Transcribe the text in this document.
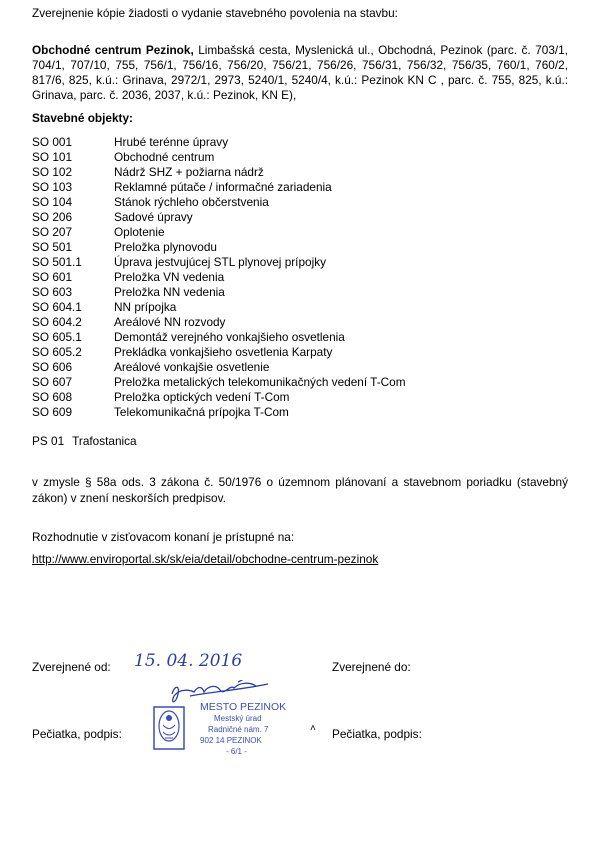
Zverejnenie kópie žiadosti o vydanie stavebného povolenia na stavbu:
Obchodné centrum Pezinok, Limbašská cesta, Myslenická ul., Obchodná, Pezinok (parc. č. 703/1, 704/1, 707/10, 755, 756/1, 756/16, 756/20, 756/21, 756/26, 756/31, 756/32, 756/35, 760/1, 760/2, 817/6, 825, k.ú.: Grinava, 2972/1, 2973, 5240/1, 5240/4, k.ú.: Pezinok KN C , parc. č. 755, 825, k.ú.: Grinava, parc. č. 2036, 2037, k.ú.: Pezinok, KN E),
Stavebné objekty:
SO 001	Hrubé terénne úpravy
SO 101	Obchodné centrum
SO 102	Nádrž SHZ + požiarna nádrž
SO 103	Reklamné pútače / informačné zariadenia
SO 104	Stánok rýchleho občerstvenia
SO 206	Sadové úpravy
SO 207	Oplotenie
SO 501	Preložka plynovodu
SO 501.1	Úprava jestvujúcej STL plynovej prípojky
SO 601	Preložka VN vedenia
SO 603	Preložka NN vedenia
SO 604.1	NN prípojka
SO 604.2	Areálové NN rozvody
SO 605.1	Demontáž verejného vonkajšieho osvetlenia
SO 605.2	Prekládka vonkajšieho osvetlenia Karpaty
SO 606	Areálové vonkajšie osvetlenie
SO 607	Preložka metalických telekomunikačných vedení T-Com
SO 608	Preložka optických vedení T-Com
SO 609	Telekomunikačná prípojka T-Com
PS 01 Trafostanica
v zmysle § 58a ods. 3 zákona č. 50/1976 o územnom plánovaní a stavebnom poriadku (stavebný zákon) v znení neskorších predpisov.
Rozhodnutie v zisťovacom konaní je prístupné na:
http://www.enviroportal.sk/sk/eia/detail/obchodne-centrum-pezinok
Zverejnené od: 15. 04. 2016	Zverejnené do:
Pečiatka, podpis:
MESTO PEZINOK
Mestský úrad
Radničné nám. 7
902 14 PEZINOK
- 6/1 -
˄ Pečiatka, podpis:
